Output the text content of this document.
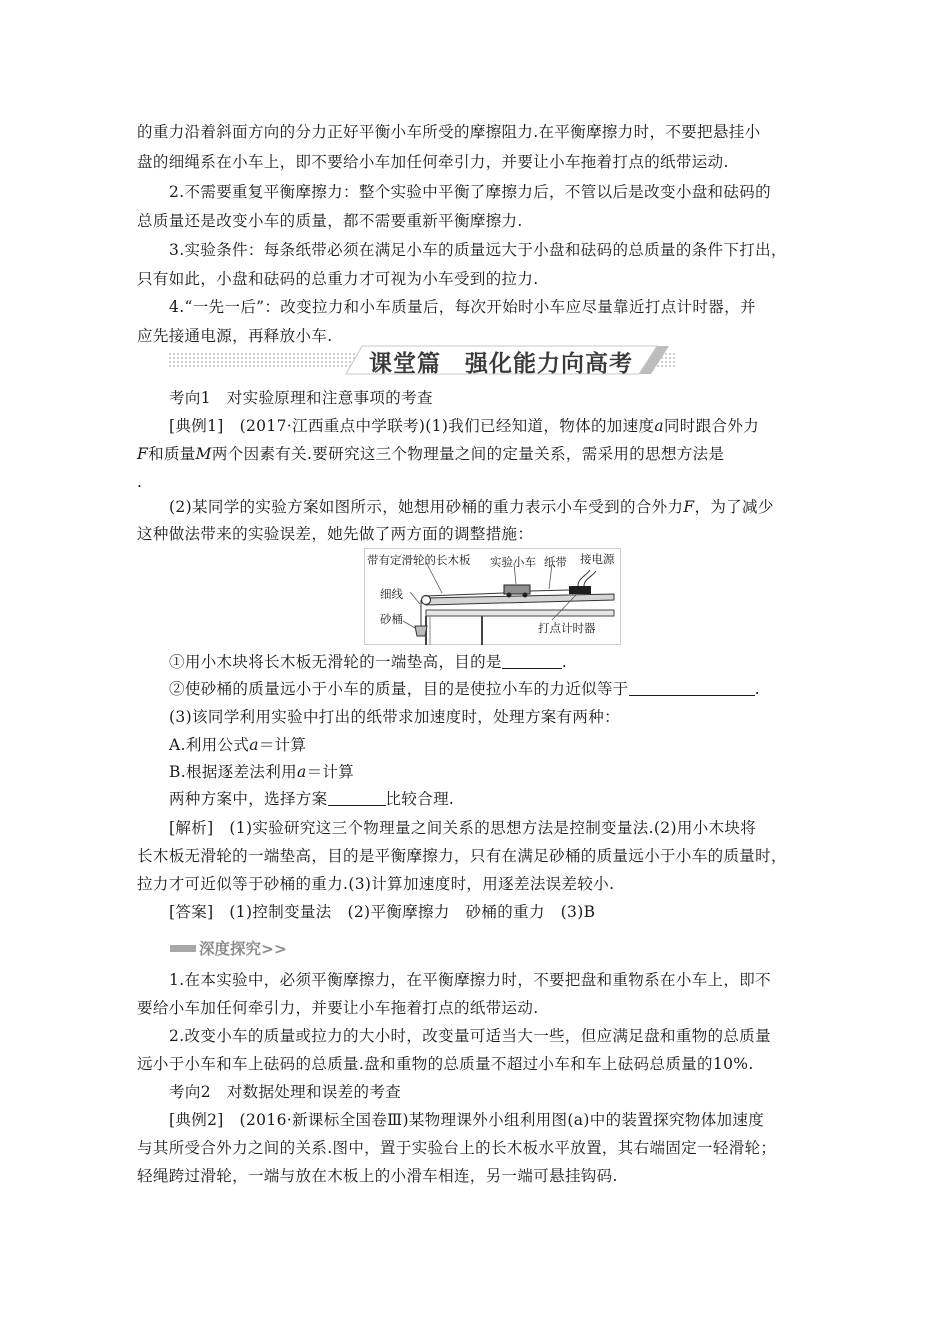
的重力沿着斜面方向的分力正好平衡小车所受的摩擦阻力.在平衡摩擦力时，不要把悬挂小
盘的细绳系在小车上，即不要给小车加任何牵引力，并要让小车拖着打点的纸带运动.
2.不需要重复平衡摩擦力：整个实验中平衡了摩擦力后，不管以后是改变小盘和砝码的
总质量还是改变小车的质量，都不需要重新平衡摩擦力.
3.实验条件：每条纸带必须在满足小车的质量远大于小盘和砝码的总质量的条件下打出，
只有如此，小盘和砝码的总重力才可视为小车受到的拉力.
4.“一先一后”：改变拉力和小车质量后，每次开始时小车应尽量靠近打点计时器，并
应先接通电源，再释放小车.
课堂篇　强化能力向高考
考向1　对实验原理和注意事项的考查
[典例1]　(2017·江西重点中学联考)(1)我们已经知道，物体的加速度a同时跟合外力
F和质量M两个因素有关.要研究这三个物理量之间的定量关系，需采用的思想方法是
.
(2)某同学的实验方案如图所示，她想用砂桶的重力表示小车受到的合外力F，为了减少
这种做法带来的实验误差，她先做了两方面的调整措施：
带有定滑轮的长木板 实验小车 纸带 接电源
细线
砂桶
打点计时器
①用小木块将长木板无滑轮的一端垫高，目的是	.
②使砂桶的质量远小于小车的质量，目的是使拉小车的力近似等于	.
(3)该同学利用实验中打出的纸带求加速度时，处理方案有两种：
A.利用公式a＝计算
B.根据逐差法利用a＝计算
两种方案中，选择方案	比较合理.
[解析]　(1)实验研究这三个物理量之间关系的思想方法是控制变量法.(2)用小木块将
长木板无滑轮的一端垫高，目的是平衡摩擦力，只有在满足砂桶的质量远小于小车的质量时，
拉力才可近似等于砂桶的重力.(3)计算加速度时，用逐差法误差较小.
[答案]　(1)控制变量法　(2)平衡摩擦力　砂桶的重力　(3)B
深度探究>>
1.在本实验中，必须平衡摩擦力，在平衡摩擦力时，不要把盘和重物系在小车上，即不
要给小车加任何牵引力，并要让小车拖着打点的纸带运动.
2.改变小车的质量或拉力的大小时，改变量可适当大一些，但应满足盘和重物的总质量
远小于小车和车上砝码的总质量.盘和重物的总质量不超过小车和车上砝码总质量的10%.
考向2　对数据处理和误差的考查
[典例2]　(2016·新课标全国卷Ⅲ)某物理课外小组利用图(a)中的装置探究物体加速度
与其所受合外力之间的关系.图中，置于实验台上的长木板水平放置，其右端固定一轻滑轮；
轻绳跨过滑轮，一端与放在木板上的小滑车相连，另一端可悬挂钩码.
